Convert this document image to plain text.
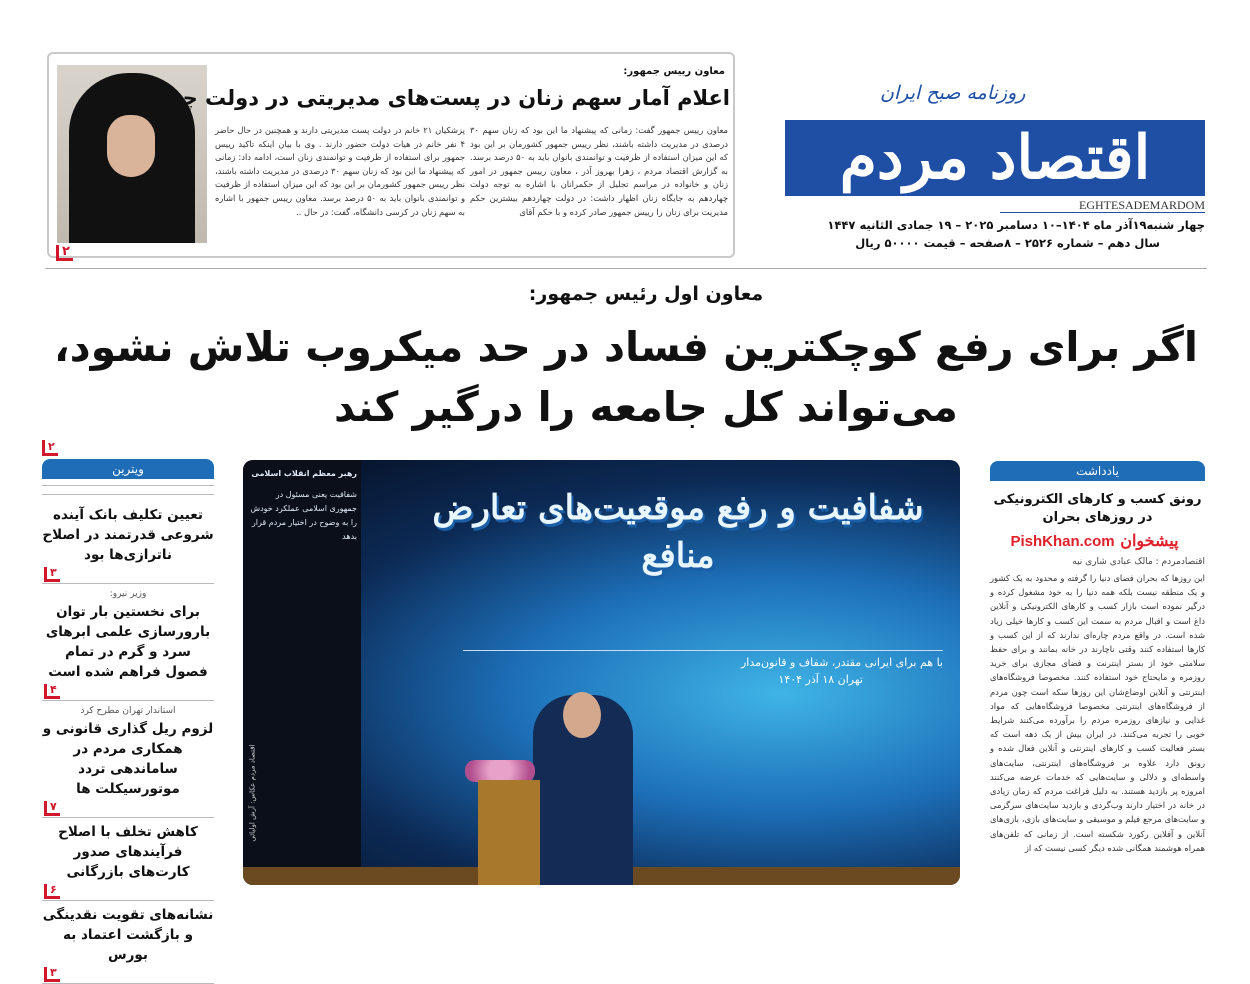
معاون رییس جمهور:
اعلام آمار سهم زنان در پست‌های مدیریتی در دولت چهاردهم
معاون رییس جمهور گفت: زمانی که پیشنهاد ما این بود که زنان سهم ۳۰ درصدی در مدیریت داشته باشند، نظر رییس جمهور کشورمان بر این بود که این میزان استفاده از ظرفیت و توانمندی بانوان باید به ۵۰ درصد برسد. به گزارش اقتصاد مردم ، زهرا بهروز آذر ، معاون رییس جمهور در امور زنان و خانواده در مراسم تجلیل از حکمرانان با اشاره به توجه دولت چهاردهم به جایگاه زنان اظهار داشت: در دولت چهاردهم بیشترین حکم مدیریت برای زنان را رییس جمهور صادر کرده و با حکم آقای
پزشکیان ۲۱ خانم در دولت پست مدیریتی دارند و همچنین در حال حاضر ۴ نفر خانم در هیات دولت حضور دارند . وی با بیان اینکه تاکید رییس جمهور برای استفاده از ظرفیت و توانمندی زنان است، ادامه داد: زمانی که پیشنهاد ما این بود که زنان سهم ۳۰ درصدی در مدیریت داشته باشند، نظر رییس جمهور کشورمان بر این بود که این میزان استفاده از ظرفیت و توانمندی بانوان باید به ۵۰ درصد برسد. معاون رییس جمهور با اشاره به سهم زنان در کرسی دانشگاه، گفت: در حال ..
۲
اقتصاد مردم
روزنامه صبح ایران
EGHTESADEMARDOM
چهار شنبه۱۹آذر ماه ۱۴۰۴–۱۰ دسامبر ۲۰۲۵ – ۱۹ جمادی الثانیه ۱۴۴۷
سال دهم – شماره ۲۵۲۶ – ۸صفحه – قیمت ۵۰۰۰۰ ریال
معاون اول رئیس جمهور:
اگر برای رفع کوچکترین فساد در حد میکروب تلاش نشود،
می‌تواند کل جامعه را درگیر کند
۲
ویترین
تعیین تکلیف بانک آینده شروعی قدرتمند در اصلاح ناترازی‌ها بود
۳
وزیر نیرو:
برای نخستین بار توان بارورسازی علمی ابرهای سرد و گرم در تمام فصول فراهم شده است
۴
استاندار تهران مطرح کرد
لزوم ریل گذاری قانونی و همکاری مردم در ساماندهی تردد موتورسیکلت ها
۷
کاهش تخلف با اصلاح فرآیندهای صدور کارت‌های بازرگانی
۶
نشانه‌های تقویت نقدینگی و بازگشت اعتماد به بورس
۳
رهبر معظم انقلاب اسلامی
شفافیت یعنی مسئول در جمهوری اسلامی عملکرد خودش را به وضوح در اختیار مردم قرار بدهد
شفافیت و رفع موقعیت‌های تعارض منافع
با هم برای ایرانی مقتدر، شفاف و قانون‌مدار
تهران ۱۸ آذر ۱۴۰۴
اقتصاد مردم عکاس: آرش اولیائی
یادداشت
رونق کسب و کارهای الکترونیکی در روزهای بحران
PishKhan.com پیشخوان
اقتصادمردم : مالک عبادی شاری نیه
این روزها که بحران فضای دنیا را گرفته و محدود به یک کشور و یک منطقه نیست بلکه همه دنیا را به خود مشغول کرده و درگیر نموده است بازار کسب و کارهای الکترونیکی و آنلاین داغ است و اقبال مردم به سمت این کسب و کارها خیلی زیاد شده است. در واقع مردم چاره‌ای ندارند که از این کسب و کارها استفاده کنند وقتی ناچارند در خانه بمانند و برای حفظ سلامتی خود از بستر اینترنت و فضای مجازی برای خرید روزمره و مایحتاج خود استفاده کنند. مخصوصا فروشگاه‌های اینترنتی و آنلاین اوضاع‌شان این روزها سکه است چون مردم از فروشگاه‌های اینترنتی مخصوصا فروشگاه‌هایی که مواد غذایی و نیازهای روزمره مردم را برآورده می‌کنند شرایط خوبی را تجربه می‌کنند. در ایران بیش از یک دهه است که بستر فعالیت کسب و کارهای اینترنتی و آنلاین فعال شده و رونق دارد علاوه بر فروشگاه‌های اینترنتی، سایت‌های واسطه‌ای و دلالی و سایت‌هایی که خدمات عرضه می‌کنند امروزه پر بازدید هستند. به دلیل فراغت مردم که زمان زیادی در خانه در اختیار دارند وب‌گردی و بازدید سایت‌های سرگرمی و سایت‌های مرجع فیلم و موسیقی و سایت‌های بازی، بازی‌های آنلاین و آفلاین رکورد شکسته است. از زمانی که تلفن‌های همراه هوشمند همگانی شده دیگر کسی نیست که از
